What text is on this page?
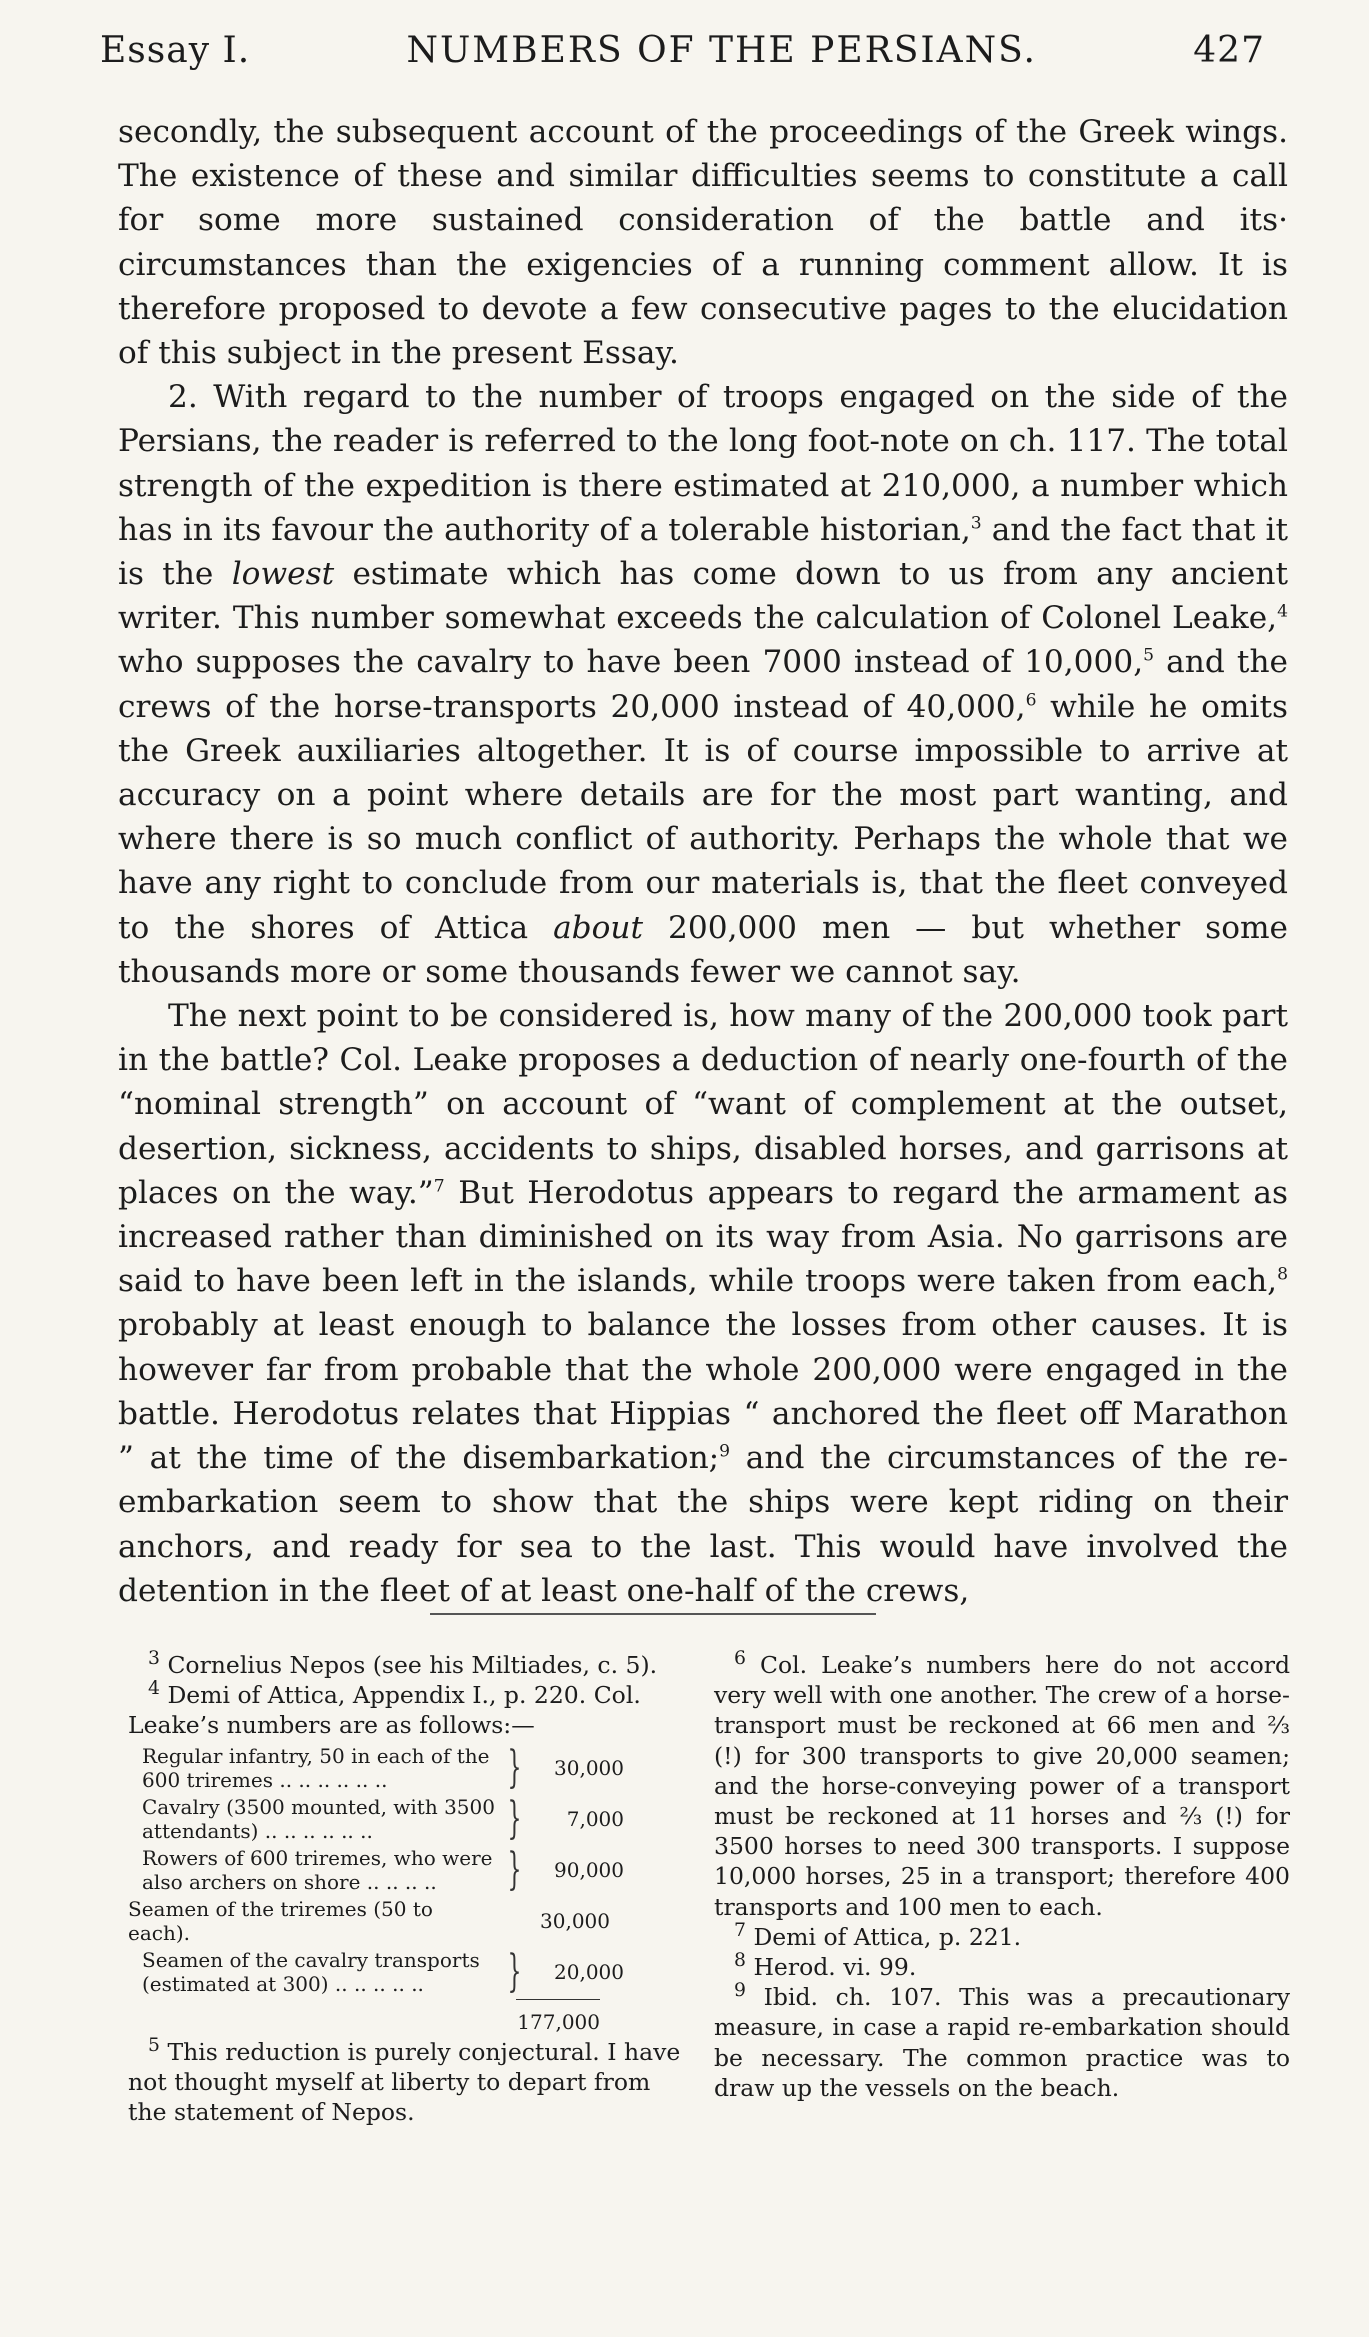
Essay I.	NUMBERS OF THE PERSIANS.	427

secondly, the subsequent account of the proceedings of the Greek wings. The existence of these and similar difficulties seems to constitute a call for some more sustained consideration of the battle and its· circumstances than the exigencies of a running comment allow. It is therefore proposed to devote a few consecutive pages to the elucidation of this subject in the present Essay.

2. With regard to the number of troops engaged on the side of the Persians, the reader is referred to the long foot-note on ch. 117. The total strength of the expedition is there estimated at 210,000, a number which has in its favour the authority of a tolerable historian,$^3$ and the fact that it is the lowest estimate which has come down to us from any ancient writer. This number somewhat exceeds the calculation of Colonel Leake,$^4$ who supposes the cavalry to have been 7000 instead of 10,000,$^5$ and the crews of the horse-transports 20,000 instead of 40,000,$^6$ while he omits the Greek auxiliaries altogether. It is of course impossible to arrive at accuracy on a point where details are for the most part wanting, and where there is so much conflict of authority. Perhaps the whole that we have any right to conclude from our materials is, that the fleet conveyed to the shores of Attica about 200,000 men — but whether some thousands more or some thousands fewer we cannot say.

The next point to be considered is, how many of the 200,000 took part in the battle? Col. Leake proposes a deduction of nearly one-fourth of the “nominal strength” on account of “want of complement at the outset, desertion, sickness, accidents to ships, disabled horses, and garrisons at places on the way.”$^7$ But Herodotus appears to regard the armament as increased rather than diminished on its way from Asia. No garrisons are said to have been left in the islands, while troops were taken from each,$^8$ probably at least enough to balance the losses from other causes. It is however far from probable that the whole 200,000 were engaged in the battle. Herodotus relates that Hippias “ anchored the fleet off Marathon ” at the time of the disembarkation;$^9$ and the circumstances of the re-embarkation seem to show that the ships were kept riding on their anchors, and ready for sea to the last. This would have involved the detention in the fleet of at least one-half of the crews,

$^3$ Cornelius Nepos (see his Miltiades, c. 5).

$^4$ Demi of Attica, Appendix I., p. 220. Col. Leake’s numbers are as follows:—

Regular infantry, 50 in each of the 600 triremes .. .. .. .. .. ..	}	30,000
Cavalry (3500 mounted, with 3500 attendants) .. .. .. .. .. ..	}	7,000
Rowers of 600 triremes, who were also archers on shore .. .. .. ..	}	90,000
Seamen of the triremes (50 to each).	30,000
Seamen of the cavalry transports (estimated at 300) .. .. .. .. ..	}	20,000
177,000

$^5$ This reduction is purely conjectural. I have not thought myself at liberty to depart from the statement of Nepos.

$^6$ Col. Leake’s numbers here do not accord very well with one another. The crew of a horse-transport must be reckoned at 66 men and ⅔ (!) for 300 transports to give 20,000 seamen; and the horse-conveying power of a transport must be reckoned at 11 horses and ⅔ (!) for 3500 horses to need 300 transports. I suppose 10,000 horses, 25 in a transport; therefore 400 transports and 100 men to each.

$^7$ Demi of Attica, p. 221.

$^8$ Herod. vi. 99.

$^9$ Ibid. ch. 107. This was a precautionary measure, in case a rapid re-embarkation should be necessary. The common practice was to draw up the vessels on the beach.
